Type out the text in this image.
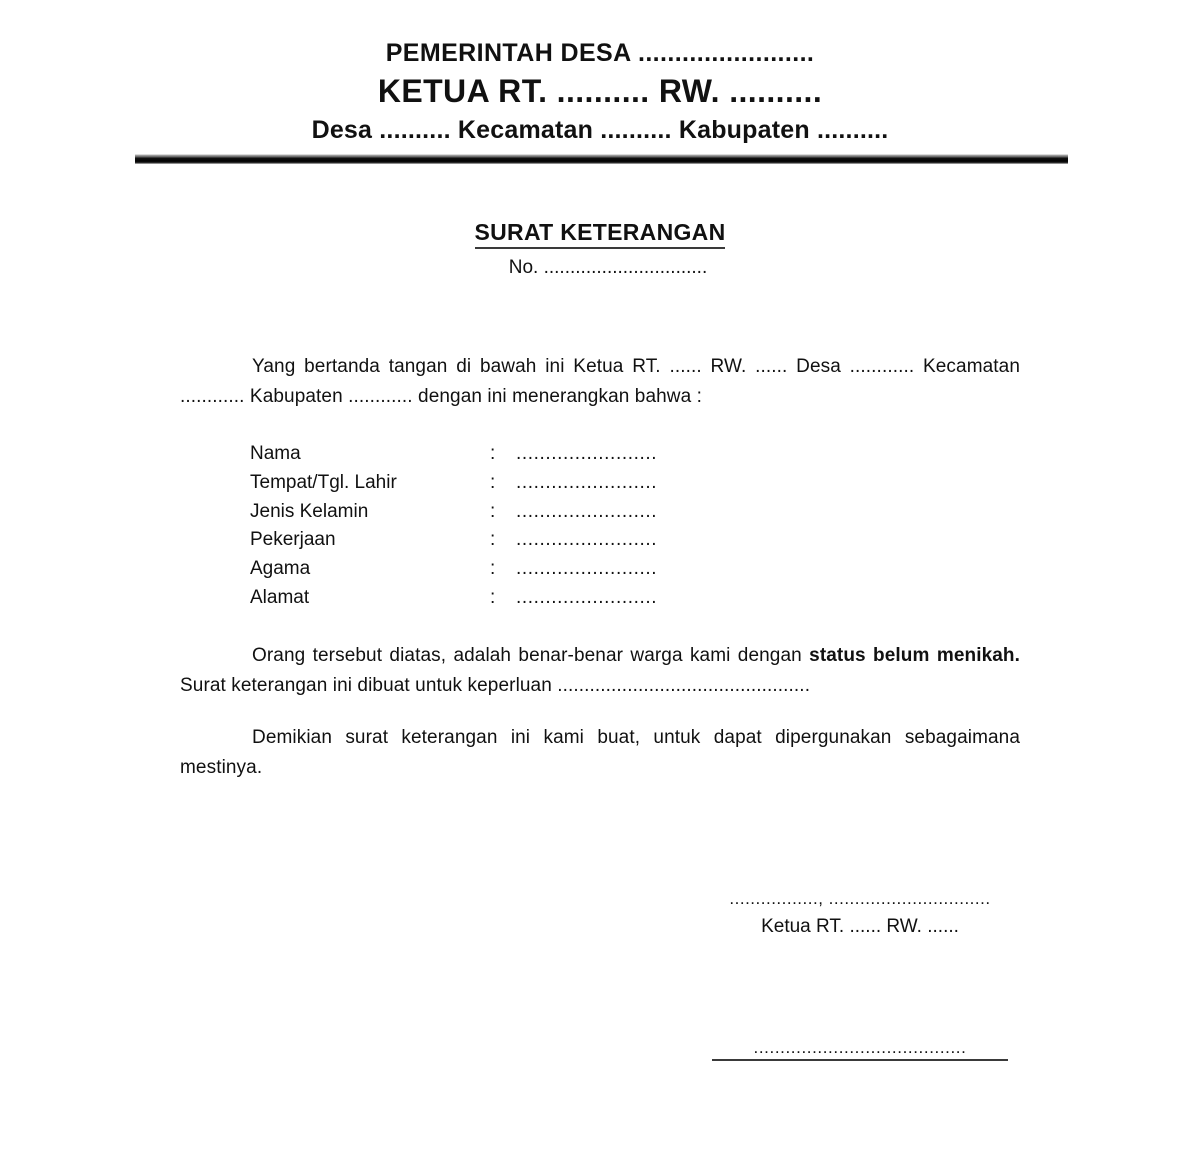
PEMERINTAH DESA ........................
KETUA RT. .......... RW. ..........
Desa .......... Kecamatan .......... Kabupaten ..........
SURAT KETERANGAN
No. ...............................

Yang bertanda tangan di bawah ini Ketua RT. ...... RW. ...... Desa ............ Kecamatan ............ Kabupaten ............ dengan ini menerangkan bahwa :

Nama	:	........................
Tempat/Tgl. Lahir	:	........................
Jenis Kelamin	:	........................
Pekerjaan	:	........................
Agama	:	........................
Alamat	:	........................

Orang tersebut diatas, adalah benar-benar warga kami dengan status belum menikah. Surat keterangan ini dibuat untuk keperluan ...............................................

Demikian surat keterangan ini kami buat, untuk dapat dipergunakan sebagaimana mestinya.

................., ...............................
Ketua RT. ...... RW. ......
........................................
